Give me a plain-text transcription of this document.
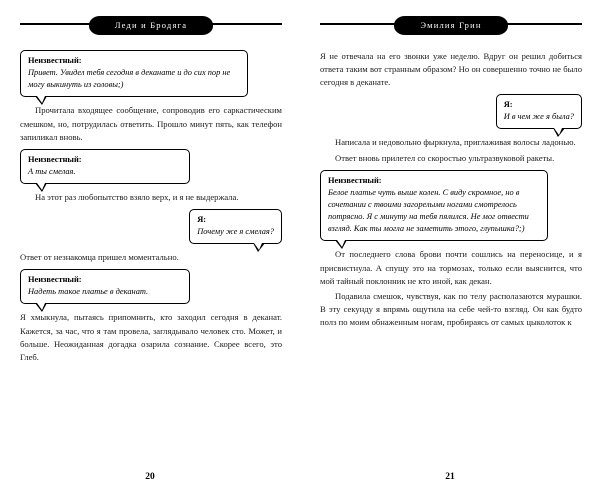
Леди и Бродяга
Неизвестный:
Привет. Увидел тебя сегодня в деканате и до сих пор не могу выкинуть из головы;)

Прочитала входящее сообщение, сопроводив его саркастическим смешком, но, потрудилась ответить. Прошло минут пять, как телефон запиликал вновь.

Неизвестный:
А ты смелая.

На этот раз любопытство взяло верх, и я не выдержала.

Я:
Почему же я смелая?

Ответ от незнакомца пришел моментально.

Неизвестный:
Надеть такое платье в деканат.

Я хмыкнула, пытаясь припомнить, кто заходил сегодня в деканат. Кажется, за час, что я там провела, заглядывало человек сто. Может, и больше. Неожиданная догадка озарила сознание. Скорее всего, это Глеб.

20
Эмилия Грин

Я не отвечала на его звонки уже неделю. Вдруг он решил добиться ответа таким вот странным образом? Но он совершенно точно не было сегодня в деканате.

Я:
И в чем же я была?

Написала и недовольно фыркнула, приглаживая волосы ладонью.

Ответ вновь прилетел со скоростью ультразвуковой ракеты.

Неизвестный:
Белое платье чуть выше колен. С виду скромное, но в сочетании с твоими загорелыми ногами смотрелось потрясно. Я с минуту на тебя пялился. Не мог отвести взгляд. Как ты могла не заметить этого, глупышка?;)

От последнего слова брови почти сошлись на переносице, и я присвистнула. А спущу это на тормозах, только если выяснится, что мой тайный поклонник не кто иной, как декан.

Подавила смешок, чувствуя, как по телу располазаются мурашки. В эту секунду я впрямь ощутила на себе чей-то взгляд. Он как будто полз по моим обнаженным ногам, пробираясь от самых цыколоток к

21
